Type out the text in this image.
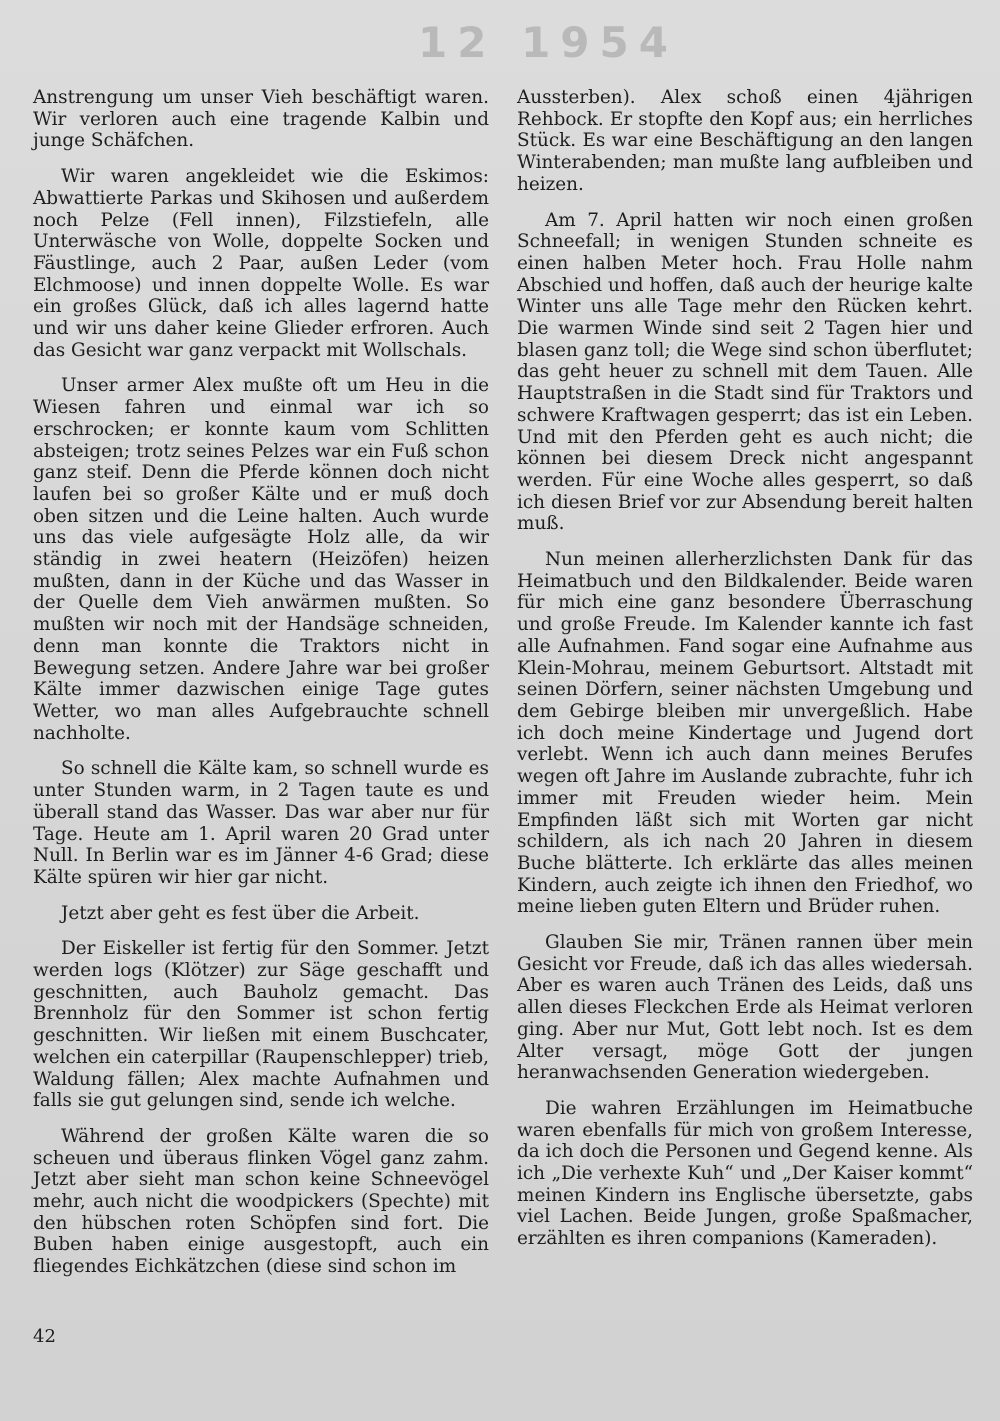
12 1954

Anstrengung um unser Vieh beschäftigt waren. Wir verloren auch eine tragende Kalbin und junge Schäfchen.

Wir waren angekleidet wie die Eskimos: Abwattierte Parkas und Skihosen und außerdem noch Pelze (Fell innen), Filzstiefeln, alle Unterwäsche von Wolle, doppelte Socken und Fäustlinge, auch 2 Paar, außen Leder (vom Elchmoose) und innen doppelte Wolle. Es war ein großes Glück, daß ich alles lagernd hatte und wir uns daher keine Glieder erfroren. Auch das Gesicht war ganz verpackt mit Wollschals.

Unser armer Alex mußte oft um Heu in die Wiesen fahren und einmal war ich so erschrocken; er konnte kaum vom Schlitten absteigen; trotz seines Pelzes war ein Fuß schon ganz steif. Denn die Pferde können doch nicht laufen bei so großer Kälte und er muß doch oben sitzen und die Leine halten. Auch wurde uns das viele aufgesägte Holz alle, da wir ständig in zwei heatern (Heizöfen) heizen mußten, dann in der Küche und das Wasser in der Quelle dem Vieh anwärmen mußten. So mußten wir noch mit der Handsäge schneiden, denn man konnte die Traktors nicht in Bewegung setzen. Andere Jahre war bei großer Kälte immer dazwischen einige Tage gutes Wetter, wo man alles Aufgebrauchte schnell nachholte.

So schnell die Kälte kam, so schnell wurde es unter Stunden warm, in 2 Tagen taute es und überall stand das Wasser. Das war aber nur für Tage. Heute am 1. April waren 20 Grad unter Null. In Berlin war es im Jänner 4-6 Grad; diese Kälte spüren wir hier gar nicht.

Jetzt aber geht es fest über die Arbeit.

Der Eiskeller ist fertig für den Sommer. Jetzt werden logs (Klötzer) zur Säge geschafft und geschnitten, auch Bauholz gemacht. Das Brennholz für den Sommer ist schon fertig geschnitten. Wir ließen mit einem Buschcater, welchen ein caterpillar (Raupenschlepper) trieb, Waldung fällen; Alex machte Aufnahmen und falls sie gut gelungen sind, sende ich welche.

Während der großen Kälte waren die so scheuen und überaus flinken Vögel ganz zahm. Jetzt aber sieht man schon keine Schneevögel mehr, auch nicht die woodpickers (Spechte) mit den hübschen roten Schöpfen sind fort. Die Buben haben einige ausgestopft, auch ein fliegendes Eichkätzchen (diese sind schon im

Aussterben). Alex schoß einen 4jährigen Rehbock. Er stopfte den Kopf aus; ein herrliches Stück. Es war eine Beschäftigung an den langen Winterabenden; man mußte lang aufbleiben und heizen.

Am 7. April hatten wir noch einen großen Schneefall; in wenigen Stunden schneite es einen halben Meter hoch. Frau Holle nahm Abschied und hoffen, daß auch der heurige kalte Winter uns alle Tage mehr den Rücken kehrt. Die warmen Winde sind seit 2 Tagen hier und blasen ganz toll; die Wege sind schon überflutet; das geht heuer zu schnell mit dem Tauen. Alle Hauptstraßen in die Stadt sind für Traktors und schwere Kraftwagen gesperrt; das ist ein Leben. Und mit den Pferden geht es auch nicht; die können bei diesem Dreck nicht angespannt werden. Für eine Woche alles gesperrt, so daß ich diesen Brief vor zur Absendung bereit halten muß.

Nun meinen allerherzlichsten Dank für das Heimatbuch und den Bildkalender. Beide waren für mich eine ganz besondere Überraschung und große Freude. Im Kalender kannte ich fast alle Aufnahmen. Fand sogar eine Aufnahme aus Klein-Mohrau, meinem Geburtsort. Altstadt mit seinen Dörfern, seiner nächsten Umgebung und dem Gebirge bleiben mir unvergeßlich. Habe ich doch meine Kindertage und Jugend dort verlebt. Wenn ich auch dann meines Berufes wegen oft Jahre im Auslande zubrachte, fuhr ich immer mit Freuden wieder heim. Mein Empfinden läßt sich mit Worten gar nicht schildern, als ich nach 20 Jahren in diesem Buche blätterte. Ich erklärte das alles meinen Kindern, auch zeigte ich ihnen den Friedhof, wo meine lieben guten Eltern und Brüder ruhen.

Glauben Sie mir, Tränen rannen über mein Gesicht vor Freude, daß ich das alles wiedersah. Aber es waren auch Tränen des Leids, daß uns allen dieses Fleckchen Erde als Heimat verloren ging. Aber nur Mut, Gott lebt noch. Ist es dem Alter versagt, möge Gott der jungen heranwachsenden Generation wiedergeben.

Die wahren Erzählungen im Heimatbuche waren ebenfalls für mich von großem Interesse, da ich doch die Personen und Gegend kenne. Als ich „Die verhexte Kuh“ und „Der Kaiser kommt“ meinen Kindern ins Englische übersetzte, gabs viel Lachen. Beide Jungen, große Spaßmacher, erzählten es ihren companions (Kameraden).

42
